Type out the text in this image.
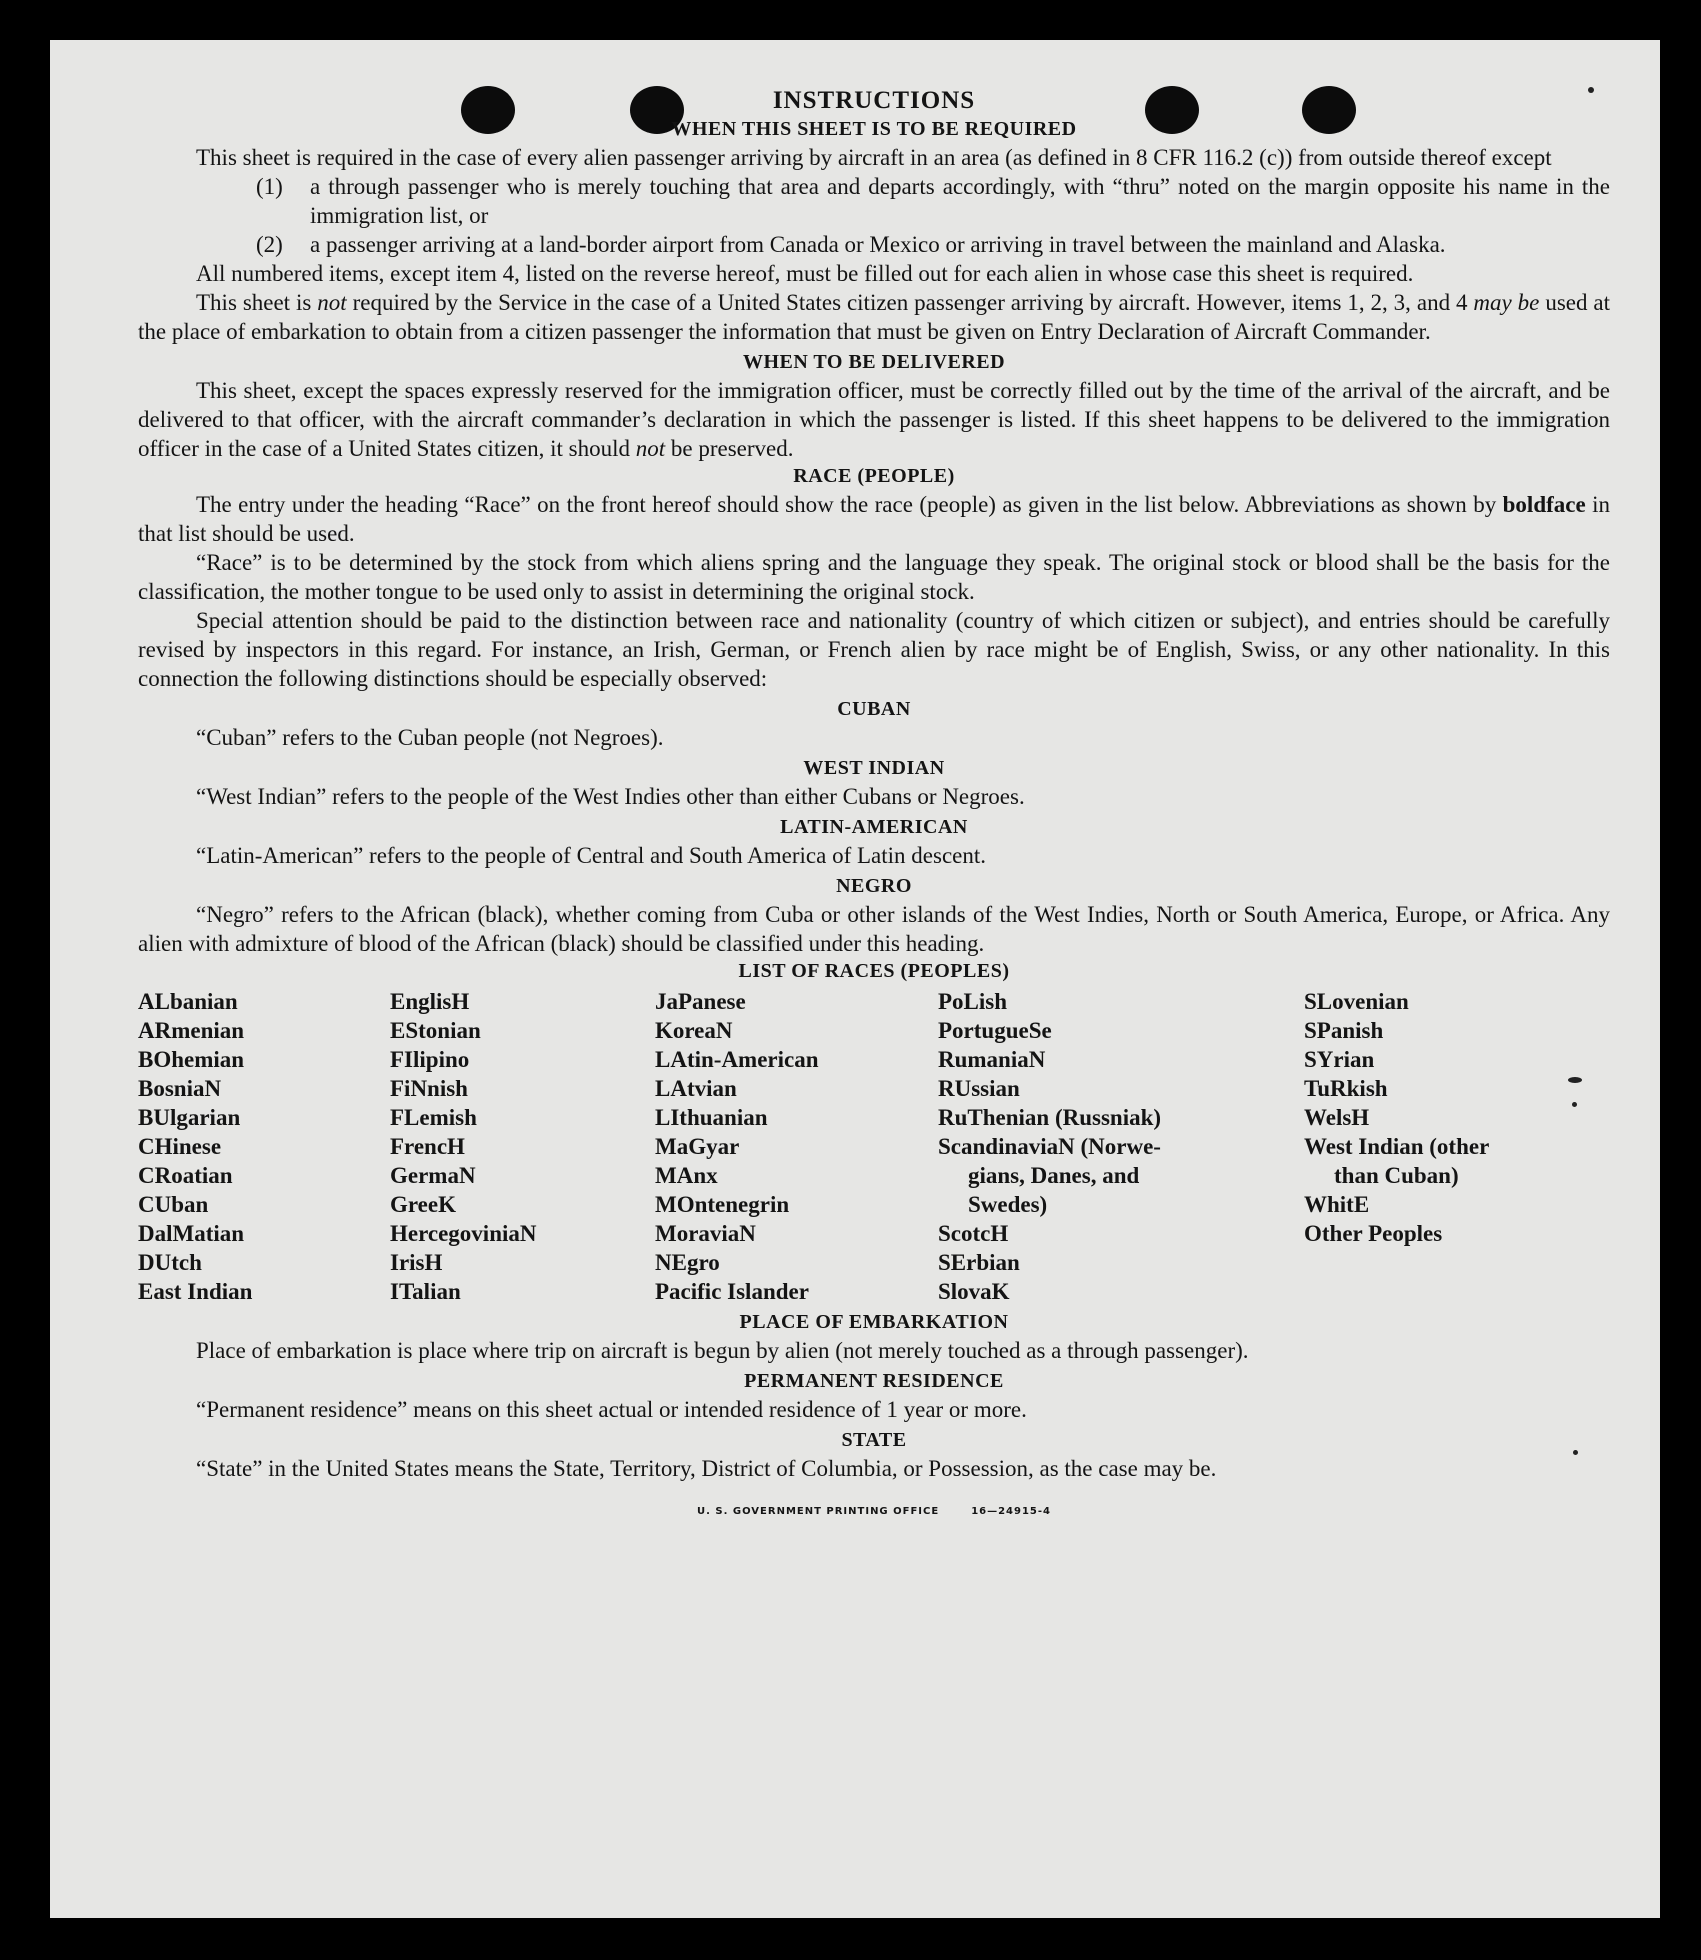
INSTRUCTIONS
WHEN THIS SHEET IS TO BE REQUIRED

This sheet is required in the case of every alien passenger arriving by aircraft in an area (as defined in 8 CFR 116.2 (c)) from outside thereof except

(1)	a through passenger who is merely touching that area and departs accordingly, with “thru” noted on the margin opposite his name in the immigration list, or
(2)	a passenger arriving at a land-border airport from Canada or Mexico or arriving in travel between the mainland and Alaska.

All numbered items, except item 4, listed on the reverse hereof, must be filled out for each alien in whose case this sheet is required.

This sheet is not required by the Service in the case of a United States citizen passenger arriving by aircraft. However, items 1, 2, 3, and 4 may be used at the place of embarkation to obtain from a citizen passenger the information that must be given on Entry Declaration of Aircraft Commander.

WHEN TO BE DELIVERED

This sheet, except the spaces expressly reserved for the immigration officer, must be correctly filled out by the time of the arrival of the aircraft, and be delivered to that officer, with the aircraft commander’s declaration in which the passenger is listed. If this sheet happens to be delivered to the immigration officer in the case of a United States citizen, it should not be preserved.

RACE (PEOPLE)

The entry under the heading “Race” on the front hereof should show the race (people) as given in the list below. Abbreviations as shown by boldface in that list should be used.

“Race” is to be determined by the stock from which aliens spring and the language they speak. The original stock or blood shall be the basis for the classification, the mother tongue to be used only to assist in determining the original stock.

Special attention should be paid to the distinction between race and nationality (country of which citizen or subject), and entries should be carefully revised by inspectors in this regard. For instance, an Irish, German, or French alien by race might be of English, Swiss, or any other nationality. In this connection the following distinctions should be especially observed:

CUBAN

“Cuban” refers to the Cuban people (not Negroes).

WEST INDIAN

“West Indian” refers to the people of the West Indies other than either Cubans or Negroes.

LATIN-AMERICAN

“Latin-American” refers to the people of Central and South America of Latin descent.

NEGRO

“Negro” refers to the African (black), whether coming from Cuba or other islands of the West Indies, North or South America, Europe, or Africa. Any alien with admixture of blood of the African (black) should be classified under this heading.

LIST OF RACES (PEOPLES)
ALbanian
ARmenian
BOhemian
BosniaN
BUlgarian
CHinese
CRoatian
CUban
DalMatian
DUtch
East Indian
EnglisH
EStonian
FIlipino
FiNnish
FLemish
FrencH
GermaN
GreeK
HercegoviniaN
IrisH
ITalian
JaPanese
KoreaN
LAtin-American
LAtvian
LIthuanian
MaGyar
MAnx
MOntenegrin
MoraviaN
NEgro
Pacific Islander
PoLish
PortugueSe
RumaniaN
RUssian
RuThenian (Russniak)
ScandinaviaN (Norwe-
gians, Danes, and
Swedes)
ScotcH
SErbian
SlovaK
SLovenian
SPanish
SYrian
TuRkish
WelsH
West Indian (other
than Cuban)
WhitE
Other Peoples
PLACE OF EMBARKATION

Place of embarkation is place where trip on aircraft is begun by alien (not merely touched as a through passenger).

PERMANENT RESIDENCE

“Permanent residence” means on this sheet actual or intended residence of 1 year or more.

STATE

“State” in the United States means the State, Territory, District of Columbia, or Possession, as the case may be.

U. S. GOVERNMENT PRINTING OFFICE	16—24915-4
